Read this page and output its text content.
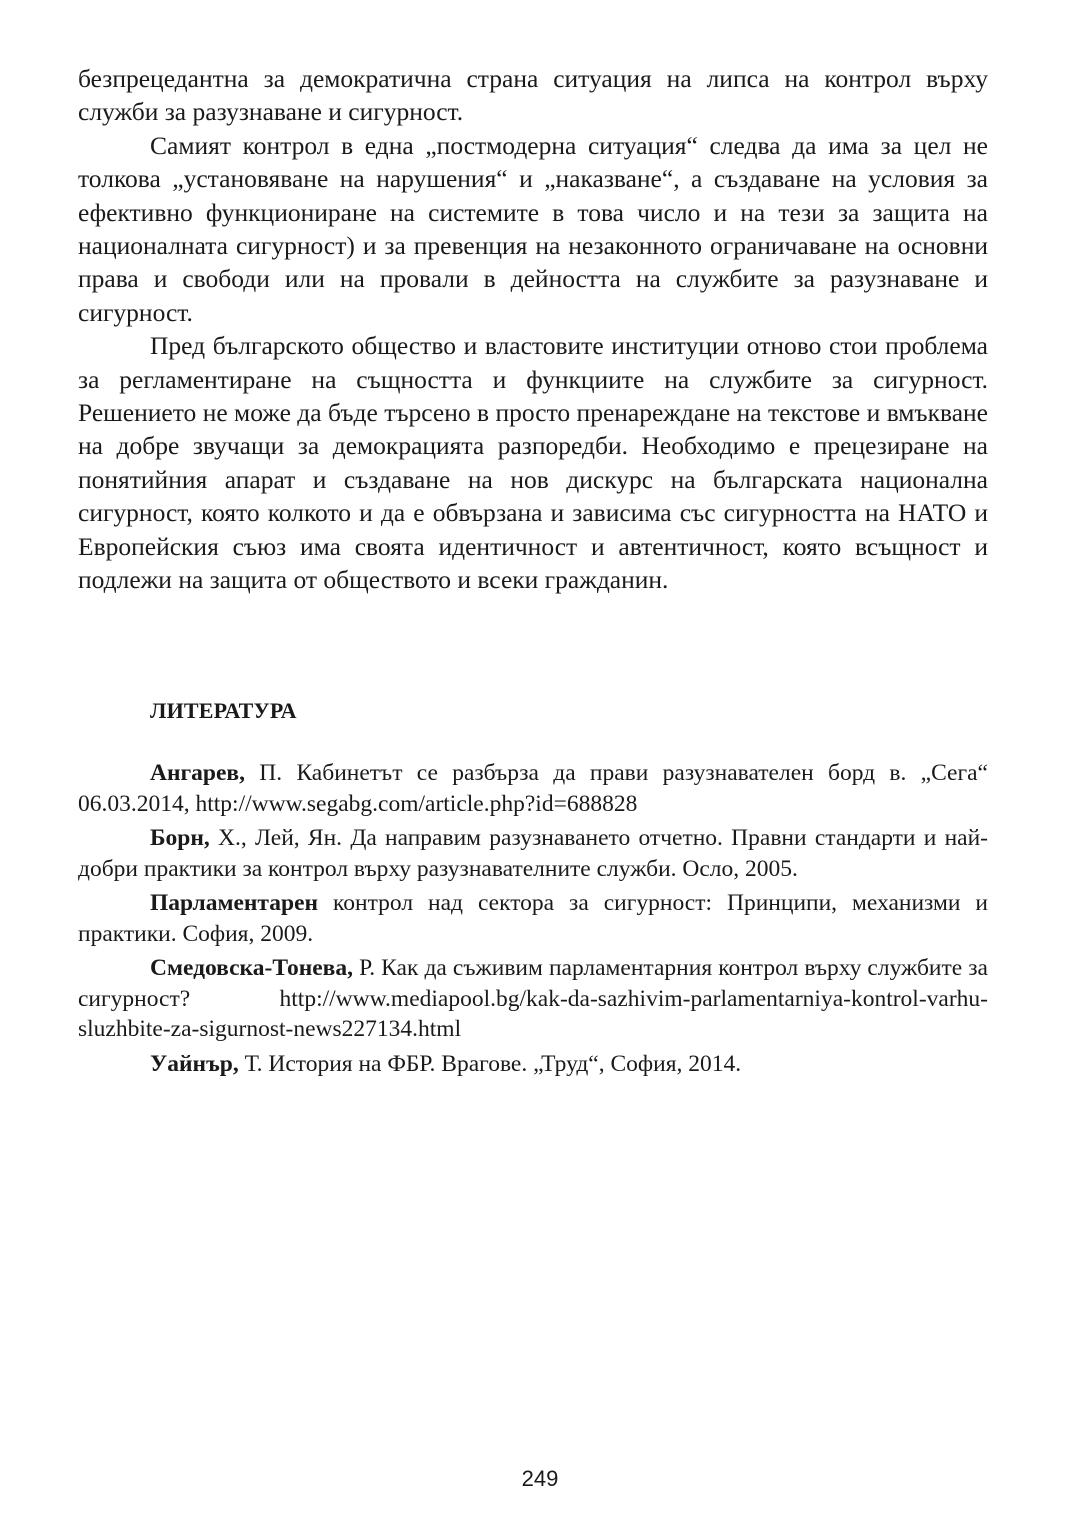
безпрецедантна за демократична страна ситуация на липса на контрол върху служби за разузнаване и сигурност.

Самият контрол в една „постмодерна ситуация“ следва да има за цел не толкова „установяване на нарушения“ и „наказване“, а създаване на условия за ефективно функциониране на системите в това число и на тези за защита на националната сигурност) и за превенция на незаконното ограничаване на основни права и свободи или на провали в дейността на службите за разузнаване и сигурност.

Пред българското общество и властовите институции отново стои проблема за регламентиране на същността и функциите на службите за сигурност. Решението не може да бъде търсено в просто пренареждане на текстове и вмъкване на добре звучащи за демокрацията разпоредби. Необходимо е прецезиране на понятийния апарат и създаване на нов дискурс на българската национална сигурност, която колкото и да е обвързана и зависима със сигурността на НАТО и Европейския съюз има своята идентичност и автентичност, която всъщност и подлежи на защита от обществото и всеки гражданин.

ЛИТЕРАТУРА

Ангарев, П. Кабинетът се разбърза да прави разузнавателен борд в. „Сега“ 06.03.2014, http://www.segabg.com/article.php?id=688828

Борн, Х., Лей, Ян. Да направим разузнаването отчетно. Правни стандарти и най-добри практики за контрол върху разузнавателните служби. Осло, 2005.

Парламентарен контрол над сектора за сигурност: Принципи, механизми и практики. София, 2009.

Смедовска-Тонева, Р. Как да съживим парламентарния контрол върху службите за сигурност? http://www.mediapool.bg/kak-da-sazhivim-parlamentarniya-kontrol-varhu-sluzhbite-za-sigurnost-news227134.html

Уайнър, Т. История на ФБР. Врагове. „Труд“, София, 2014.

249
